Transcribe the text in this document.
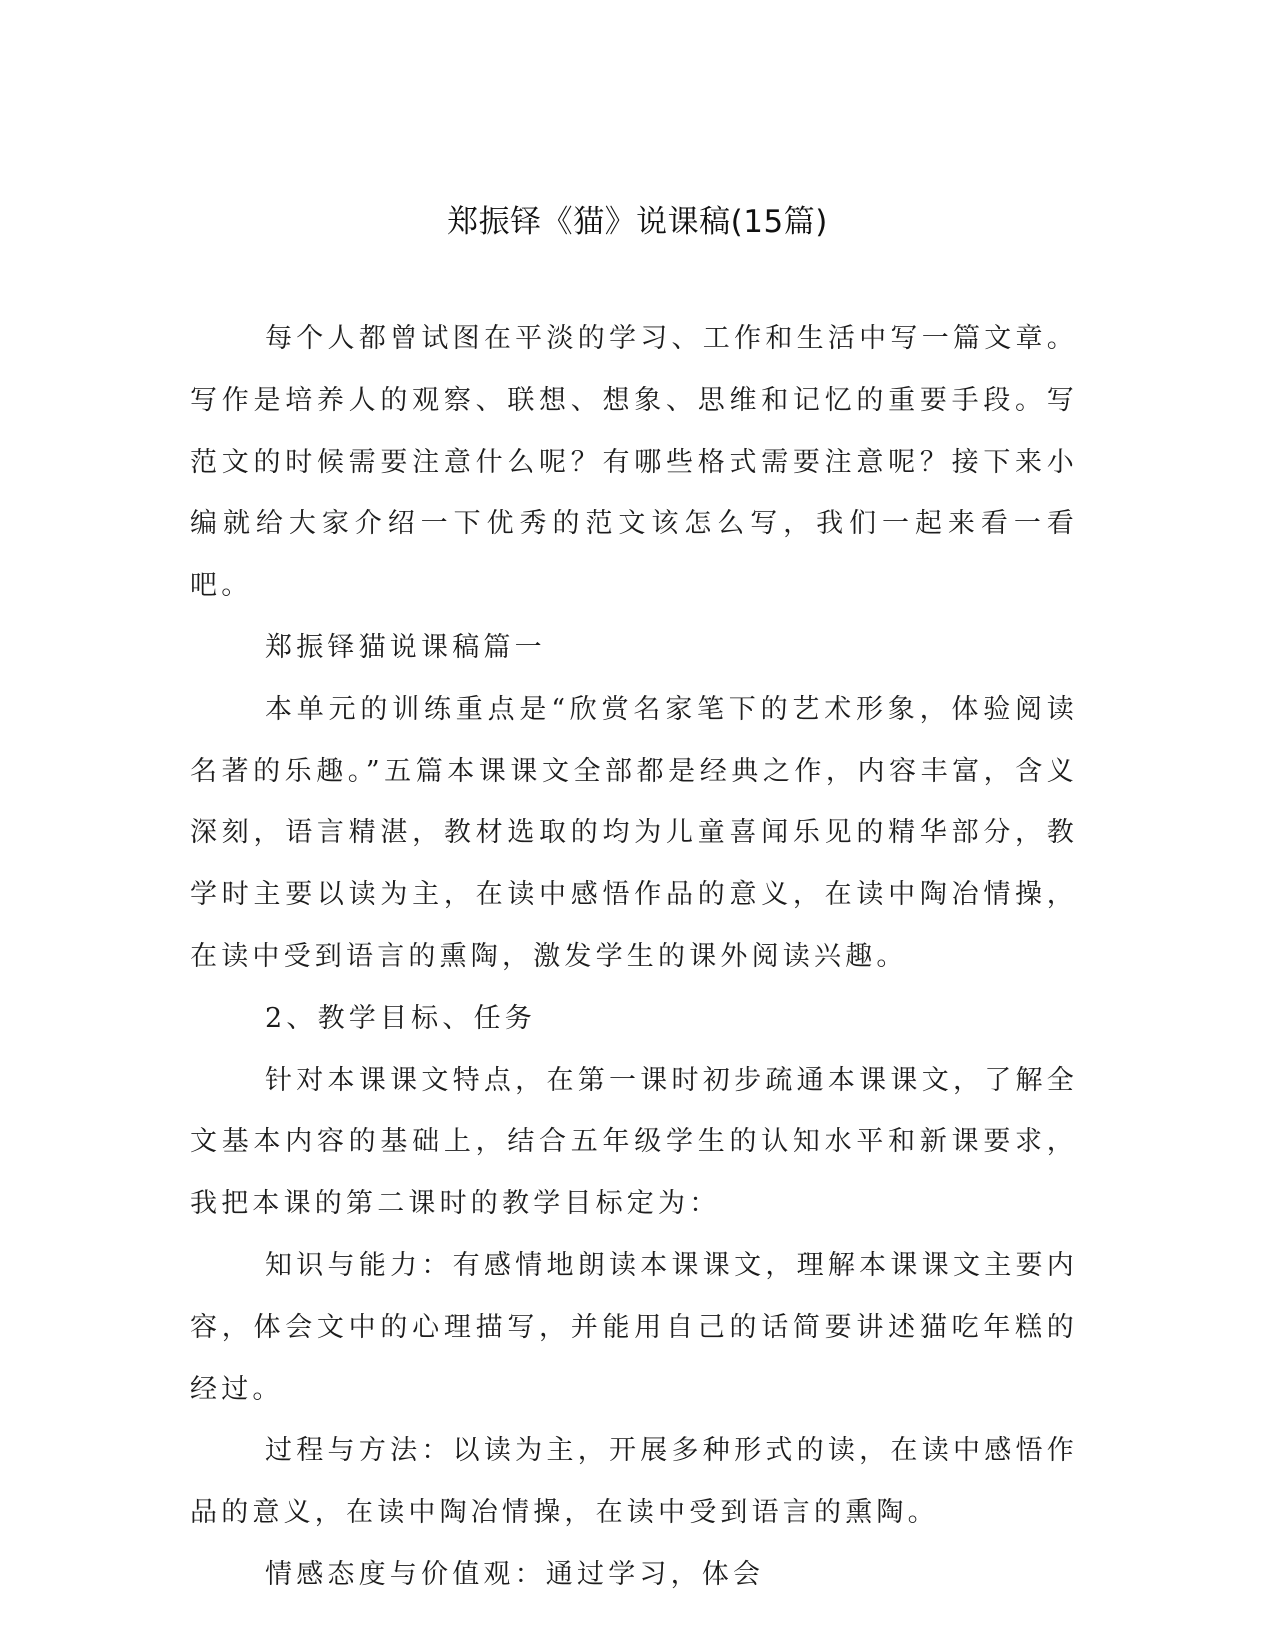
郑振铎《猫》说课稿(15篇)

每个人都曾试图在平淡的学习、工作和生活中写一篇文章。写作是培养人的观察、联想、想象、思维和记忆的重要手段。写范文的时候需要注意什么呢？有哪些格式需要注意呢？接下来小编就给大家介绍一下优秀的范文该怎么写，我们一起来看一看吧。

郑振铎猫说课稿篇一

本单元的训练重点是“欣赏名家笔下的艺术形象，体验阅读名著的乐趣。”五篇本课课文全部都是经典之作，内容丰富，含义深刻，语言精湛，教材选取的均为儿童喜闻乐见的精华部分，教学时主要以读为主，在读中感悟作品的意义，在读中陶冶情操，在读中受到语言的熏陶，激发学生的课外阅读兴趣。

2、教学目标、任务

针对本课课文特点，在第一课时初步疏通本课课文，了解全文基本内容的基础上，结合五年级学生的认知水平和新课要求，我把本课的第二课时的教学目标定为：

知识与能力：有感情地朗读本课课文，理解本课课文主要内容，体会文中的心理描写，并能用自己的话简要讲述猫吃年糕的经过。

过程与方法：以读为主，开展多种形式的读，在读中感悟作品的意义，在读中陶冶情操，在读中受到语言的熏陶。

情感态度与价值观：通过学习，体会
